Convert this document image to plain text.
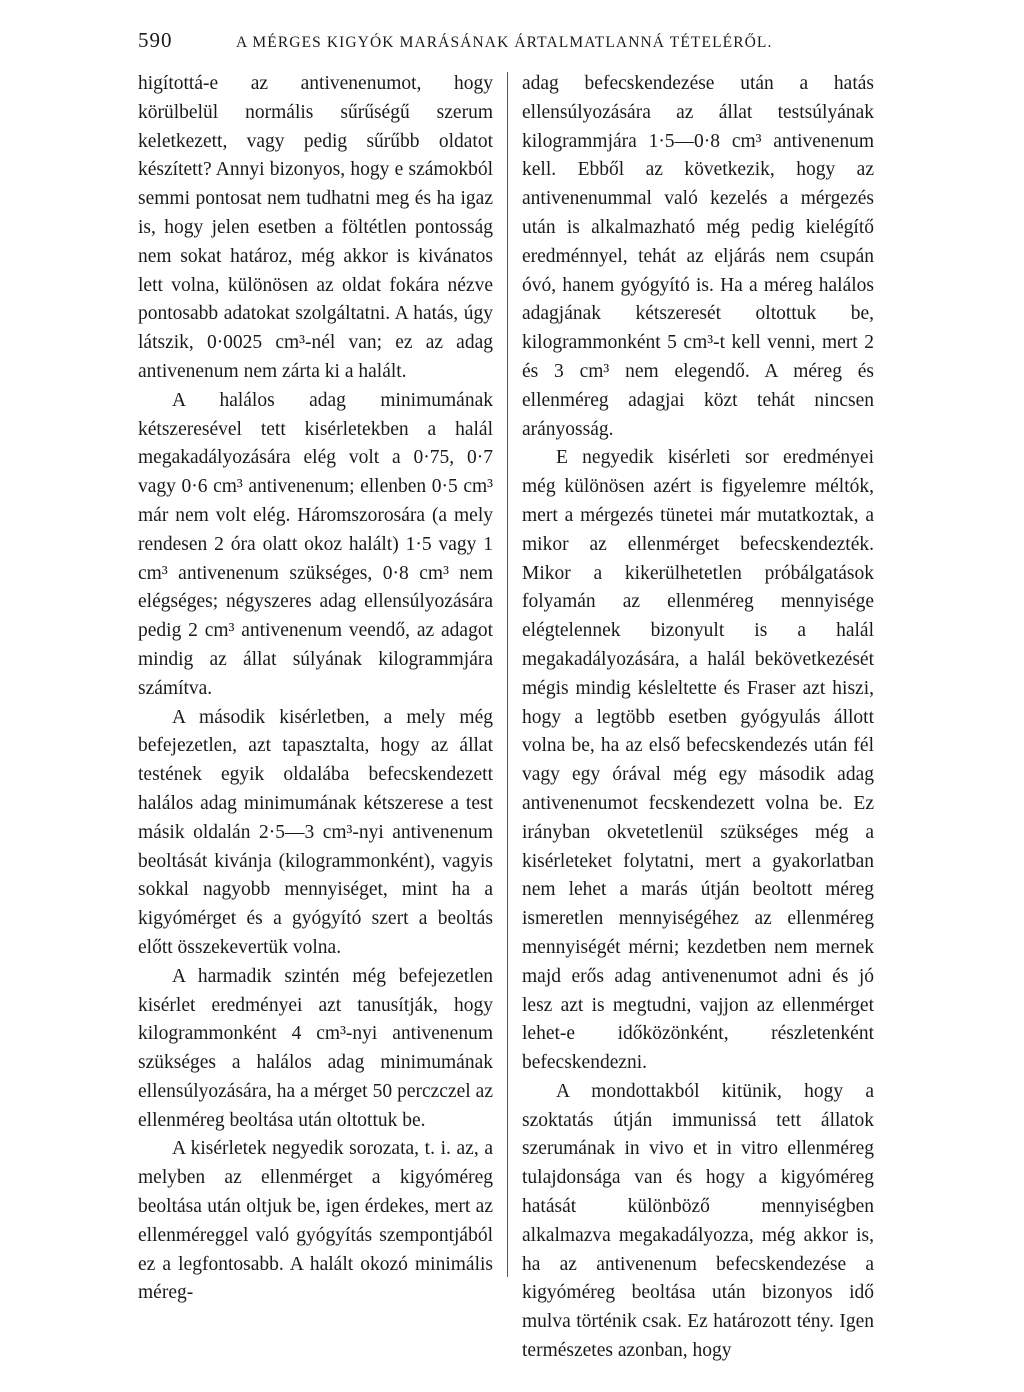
590	A MÉRGES KIGYÓK MARÁSÁNAK ÁRTALMATLANNÁ TÉTELÉRŐL.

higítottá-e az antivenenumot, hogy körülbelül normális sűrűségű szerum keletkezett, vagy pedig sűrűbb oldatot készített? Annyi bizonyos, hogy e számokból semmi pontosat nem tudhatni meg és ha igaz is, hogy jelen esetben a föltétlen pontosság nem sokat határoz, még akkor is kivánatos lett volna, különösen az oldat fokára nézve pontosabb adatokat szolgáltatni. A hatás, úgy látszik, 0·0025 cm³-nél van; ez az adag antivenenum nem zárta ki a halált.

A halálos adag minimumának kétszeresével tett kisérletekben a halál megakadályozására elég volt a 0·75, 0·7 vagy 0·6 cm³ antivenenum; ellenben 0·5 cm³ már nem volt elég. Háromszorosára (a mely rendesen 2 óra olatt okoz halált) 1·5 vagy 1 cm³ antivenenum szükséges, 0·8 cm³ nem elégséges; négyszeres adag ellensúlyozására pedig 2 cm³ antivenenum veendő, az adagot mindig az állat súlyának kilogrammjára számítva.

A második kisérletben, a mely még befejezetlen, azt tapasztalta, hogy az állat testének egyik oldalába befecskendezett halálos adag minimumának kétszerese a test másik oldalán 2·5—3 cm³-nyi antivenenum beoltását kivánja (kilogrammonként), vagyis sokkal nagyobb mennyiséget, mint ha a kigyómérget és a gyógyító szert a beoltás előtt összekevertük volna.

A harmadik szintén még befejezetlen kisérlet eredményei azt tanusítják, hogy kilogrammonként 4 cm³-nyi antivenenum szükséges a halálos adag minimumának ellensúlyozására, ha a mérget 50 perczczel az ellenméreg beoltása után oltottuk be.

A kisérletek negyedik sorozata, t. i. az, a melyben az ellenmérget a kigyóméreg beoltása után oltjuk be, igen érdekes, mert az ellenméreggel való gyógyítás szempontjából ez a legfontosabb. A halált okozó minimális méreg-

adag befecskendezése után a hatás ellensúlyozására az állat testsúlyának kilogrammjára 1·5—0·8 cm³ antivenenum kell. Ebből az következik, hogy az antivenenummal való kezelés a mérgezés után is alkalmazható még pedig kielégítő eredménnyel, tehát az eljárás nem csupán óvó, hanem gyógyító is. Ha a méreg halálos adagjának kétszeresét oltottuk be, kilogrammonként 5 cm³-t kell venni, mert 2 és 3 cm³ nem elegendő. A méreg és ellenméreg adagjai közt tehát nincsen arányosság.

E negyedik kisérleti sor eredményei még különösen azért is figyelemre méltók, mert a mérgezés tünetei már mutatkoztak, a mikor az ellenmérget befecskendezték. Mikor a kikerülhetetlen próbálgatások folyamán az ellenméreg mennyisége elégtelennek bizonyult is a halál megakadályozására, a halál bekövetkezését mégis mindig késleltette és Fraser azt hiszi, hogy a legtöbb esetben gyógyulás állott volna be, ha az első befecskendezés után fél vagy egy órával még egy második adag antivenenumot fecskendezett volna be. Ez irányban okvetetlenül szükséges még a kisérleteket folytatni, mert a gyakorlatban nem lehet a marás útján beoltott méreg ismeretlen mennyiségéhez az ellenméreg mennyiségét mérni; kezdetben nem mernek majd erős adag antivenenumot adni és jó lesz azt is megtudni, vajjon az ellenmérget lehet-e időközönként, részletenként befecskendezni.

A mondottakból kitünik, hogy a szoktatás útján immunissá tett állatok szerumának in vivo et in vitro ellenméreg tulajdonsága van és hogy a kigyóméreg hatását különböző mennyiségben alkalmazva megakadályozza, még akkor is, ha az antivenenum befecskendezése a kigyóméreg beoltása után bizonyos idő mulva történik csak. Ez határozott tény. Igen természetes azonban, hogy
